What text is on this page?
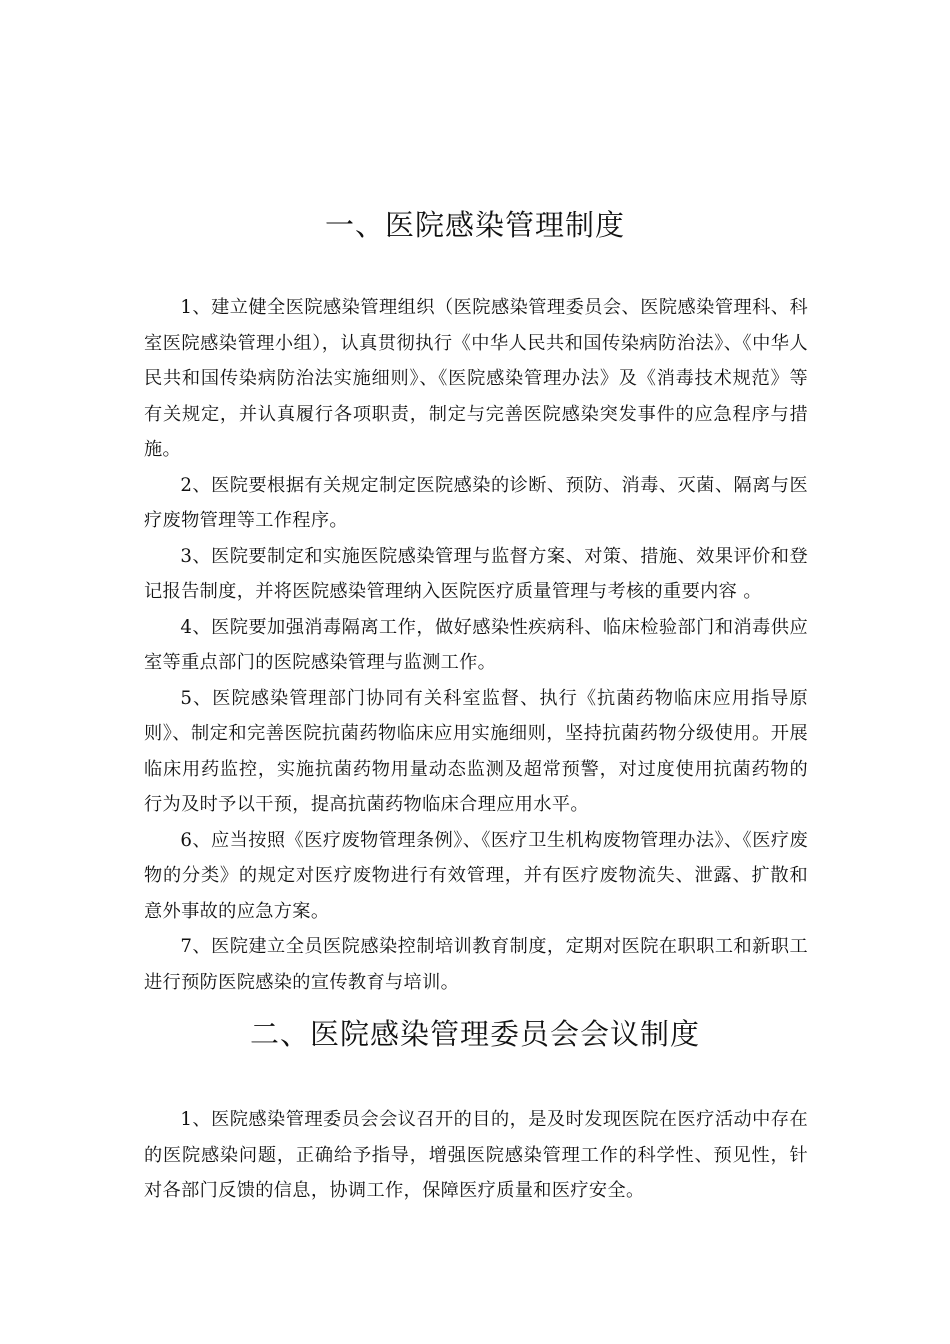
一、医院感染管理制度

1、建立健全医院感染管理组织（医院感染管理委员会、医院感染管理科、科室医院感染管理小组），认真贯彻执行《中华人民共和国传染病防治法》、《中华人民共和国传染病防治法实施细则》、《医院感染管理办法》及《消毒技术规范》等有关规定，并认真履行各项职责，制定与完善医院感染突发事件的应急程序与措施。

2、医院要根据有关规定制定医院感染的诊断、预防、消毒、灭菌、隔离与医疗废物管理等工作程序。

3、医院要制定和实施医院感染管理与监督方案、对策、措施、效果评价和登记报告制度，并将医院感染管理纳入医院医疗质量管理与考核的重要内容 。

4、医院要加强消毒隔离工作，做好感染性疾病科、临床检验部门和消毒供应室等重点部门的医院感染管理与监测工作。

5、医院感染管理部门协同有关科室监督、执行《抗菌药物临床应用指导原则》、制定和完善医院抗菌药物临床应用实施细则，坚持抗菌药物分级使用。开展临床用药监控，实施抗菌药物用量动态监测及超常预警，对过度使用抗菌药物的行为及时予以干预，提高抗菌药物临床合理应用水平。

6、应当按照《医疗废物管理条例》、《医疗卫生机构废物管理办法》、《医疗废物的分类》的规定对医疗废物进行有效管理，并有医疗废物流失、泄露、扩散和意外事故的应急方案。

7、医院建立全员医院感染控制培训教育制度，定期对医院在职职工和新职工进行预防医院感染的宣传教育与培训。

二、医院感染管理委员会会议制度

1、医院感染管理委员会会议召开的目的，是及时发现医院在医疗活动中存在的医院感染问题，正确给予指导，增强医院感染管理工作的科学性、预见性，针对各部门反馈的信息，协调工作，保障医疗质量和医疗安全。
